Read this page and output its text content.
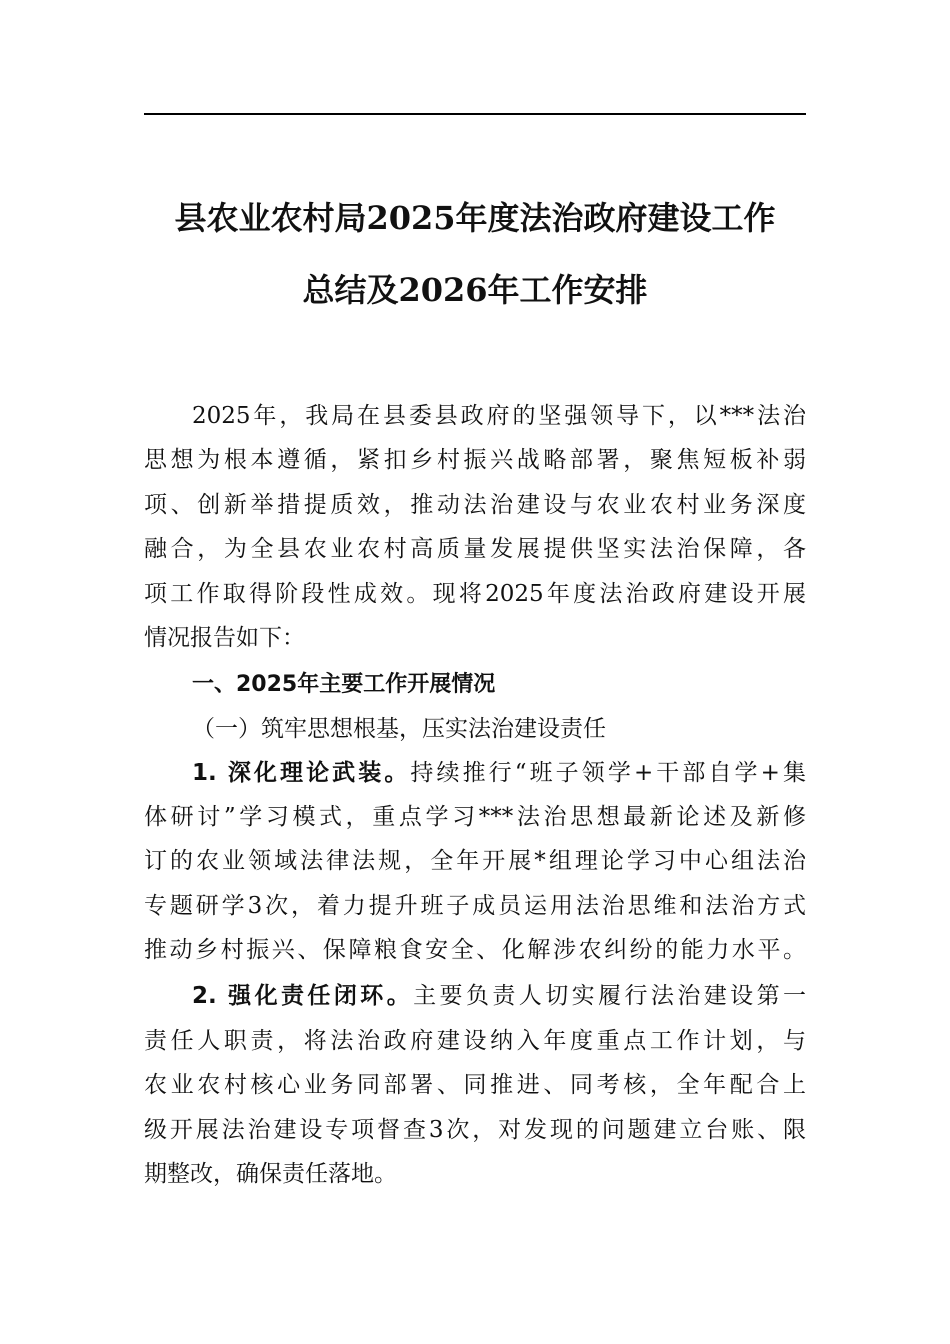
县农业农村局2025年度法治政府建设工作
总结及2026年工作安排
2025年，我局在县委县政府的坚强领导下，以***法治
思想为根本遵循，紧扣乡村振兴战略部署，聚焦短板补弱
项、创新举措提质效，推动法治建设与农业农村业务深度
融合，为全县农业农村高质量发展提供坚实法治保障，各
项工作取得阶段性成效。现将2025年度法治政府建设开展
情况报告如下：
一、2025年主要工作开展情况
（一）筑牢思想根基，压实法治建设责任
1. 深化理论武装。持续推行“班子领学+干部自学+集
体研讨”学习模式，重点学习***法治思想最新论述及新修
订的农业领域法律法规，全年开展*组理论学习中心组法治
专题研学3次，着力提升班子成员运用法治思维和法治方式
推动乡村振兴、保障粮食安全、化解涉农纠纷的能力水平。
2. 强化责任闭环。主要负责人切实履行法治建设第一
责任人职责，将法治政府建设纳入年度重点工作计划，与
农业农村核心业务同部署、同推进、同考核，全年配合上
级开展法治建设专项督查3次，对发现的问题建立台账、限
期整改，确保责任落地。
